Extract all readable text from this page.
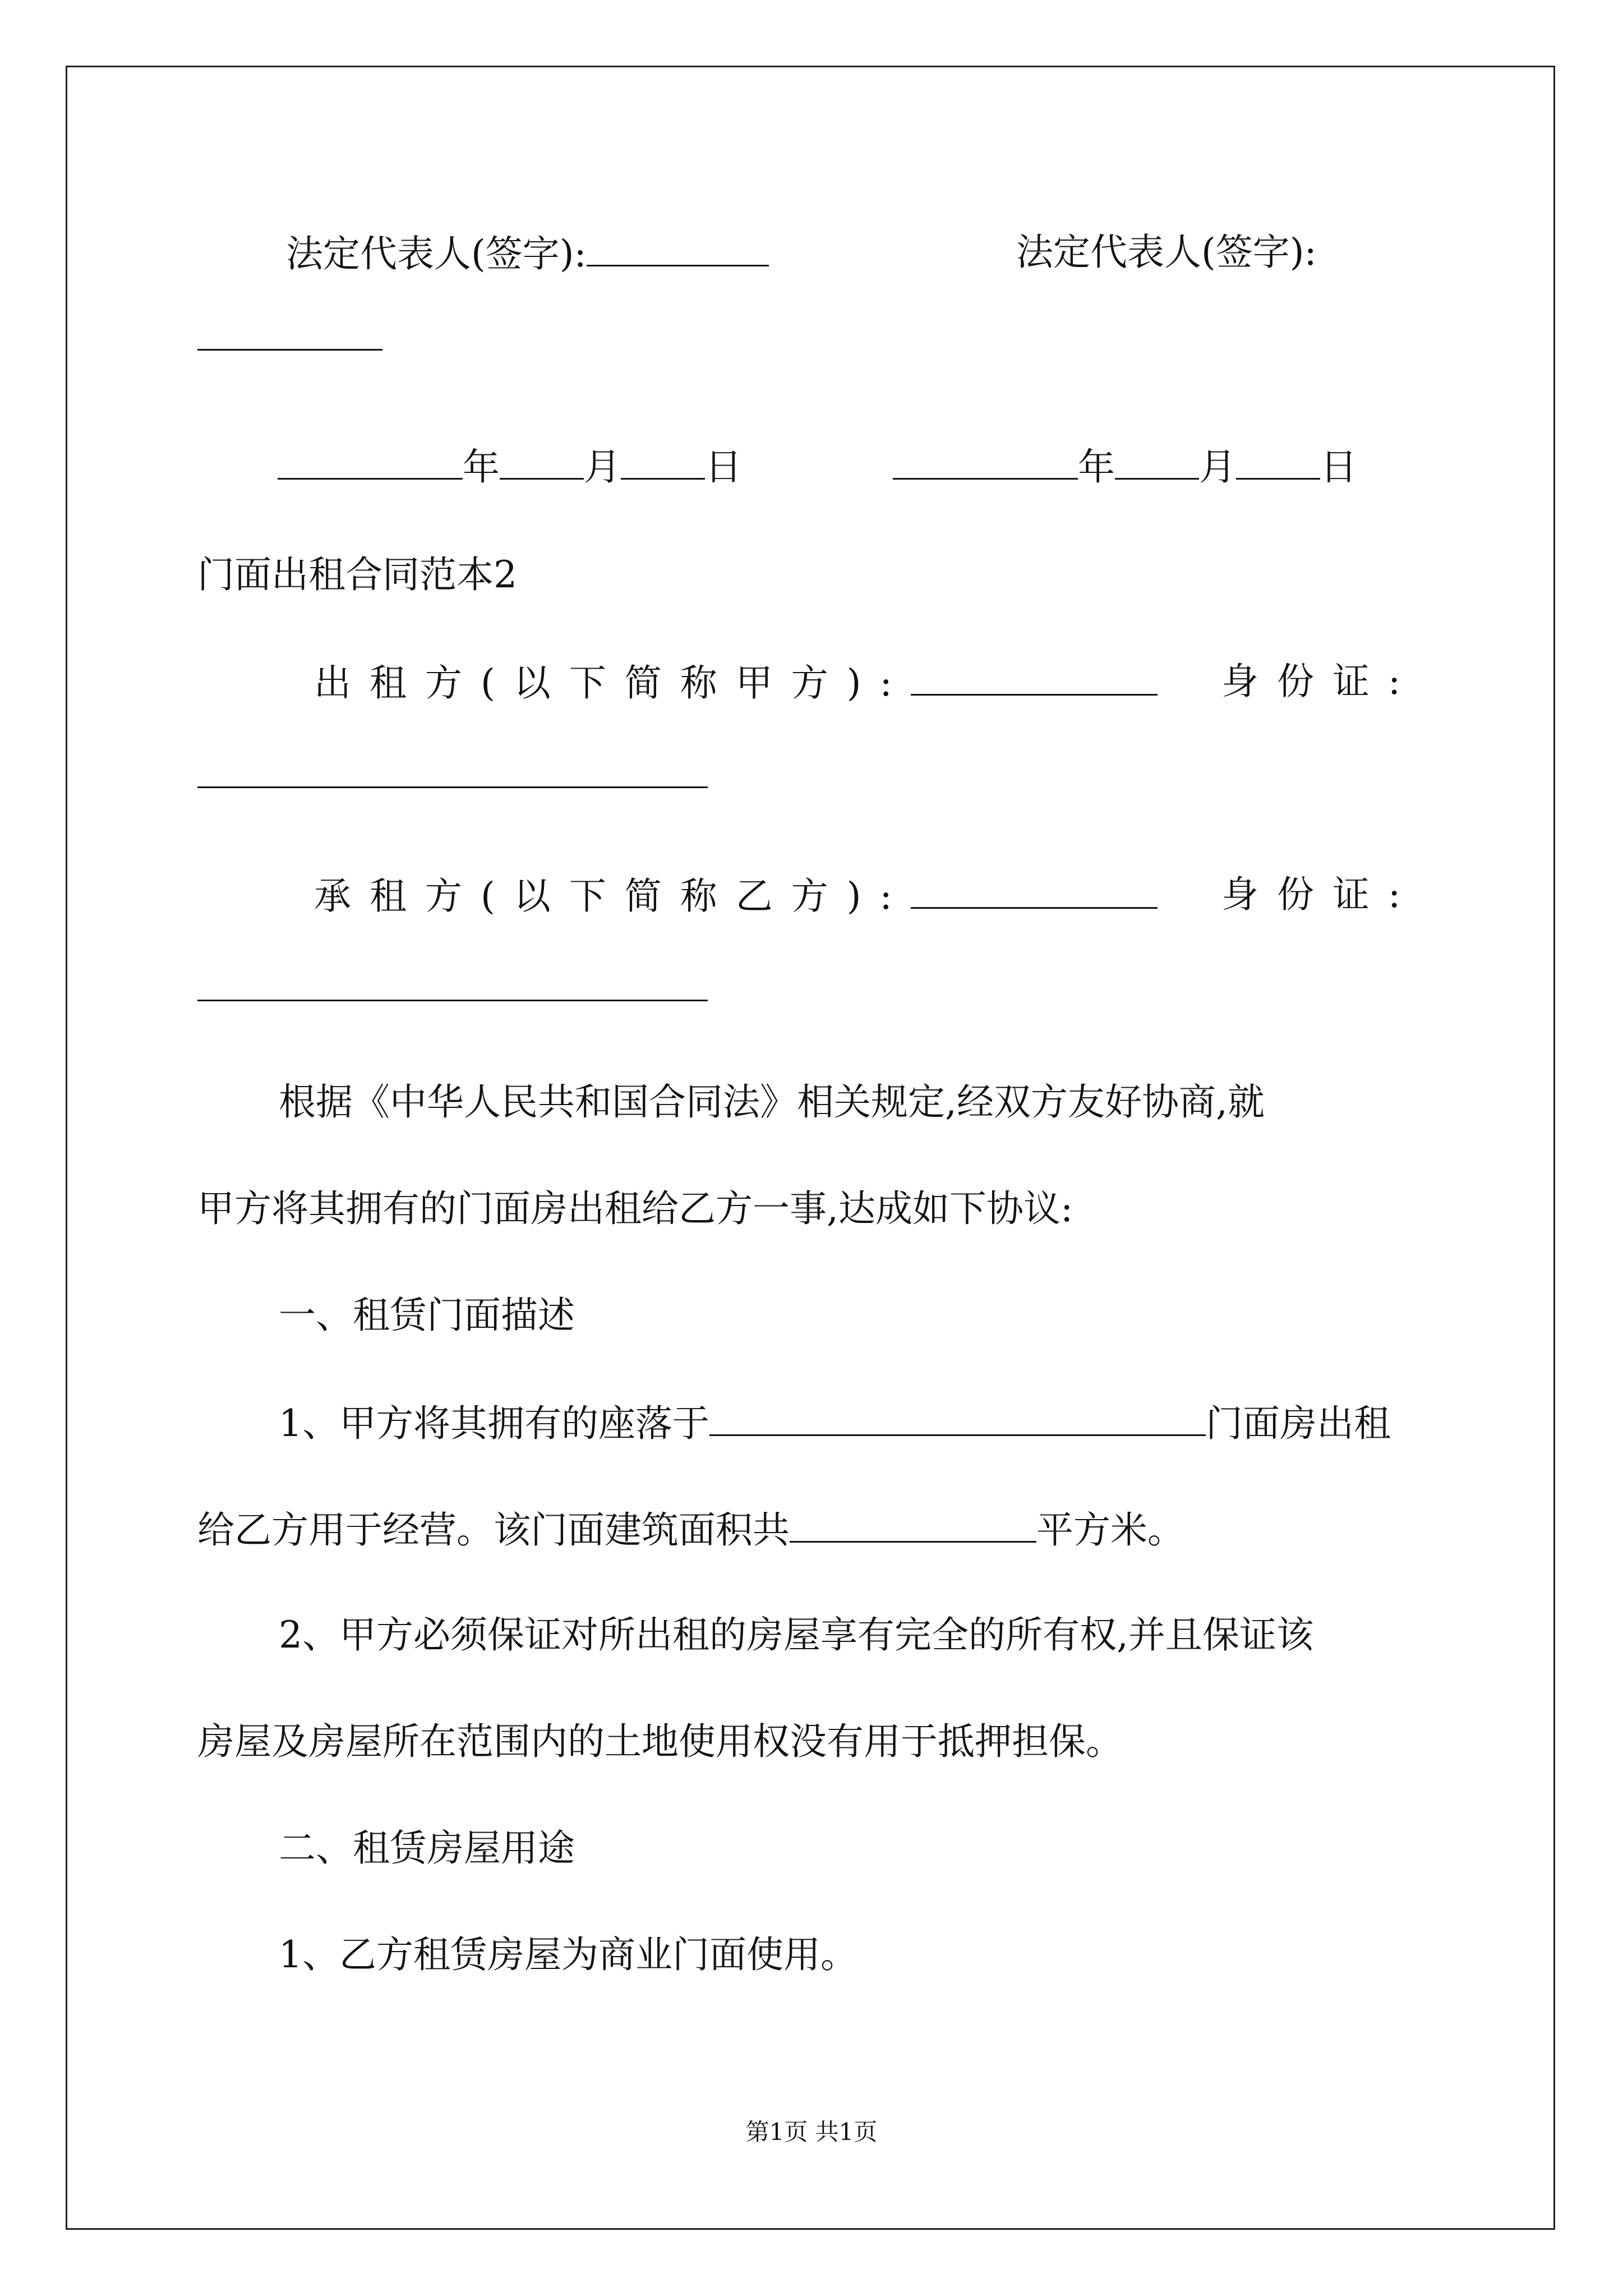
法定代表人(签字):	法定代表人(签字):
年 月 日	年 月 日
门面出租合同范本2
出租方(以下简称甲方):	身份证:
承租方(以下简称乙方):	身份证:
根据《中华人民共和国合同法》相关规定,经双方友好协商,就
甲方将其拥有的门面房出租给乙方一事,达成如下协议:
一、租赁门面描述
1、甲方将其拥有的座落于	门面房出租
给乙方用于经营。该门面建筑面积共	平方米。
2、甲方必须保证对所出租的房屋享有完全的所有权,并且保证该
房屋及房屋所在范围内的土地使用权没有用于抵押担保。
二、租赁房屋用途
1、乙方租赁房屋为商业门面使用。
第1页 共1页
